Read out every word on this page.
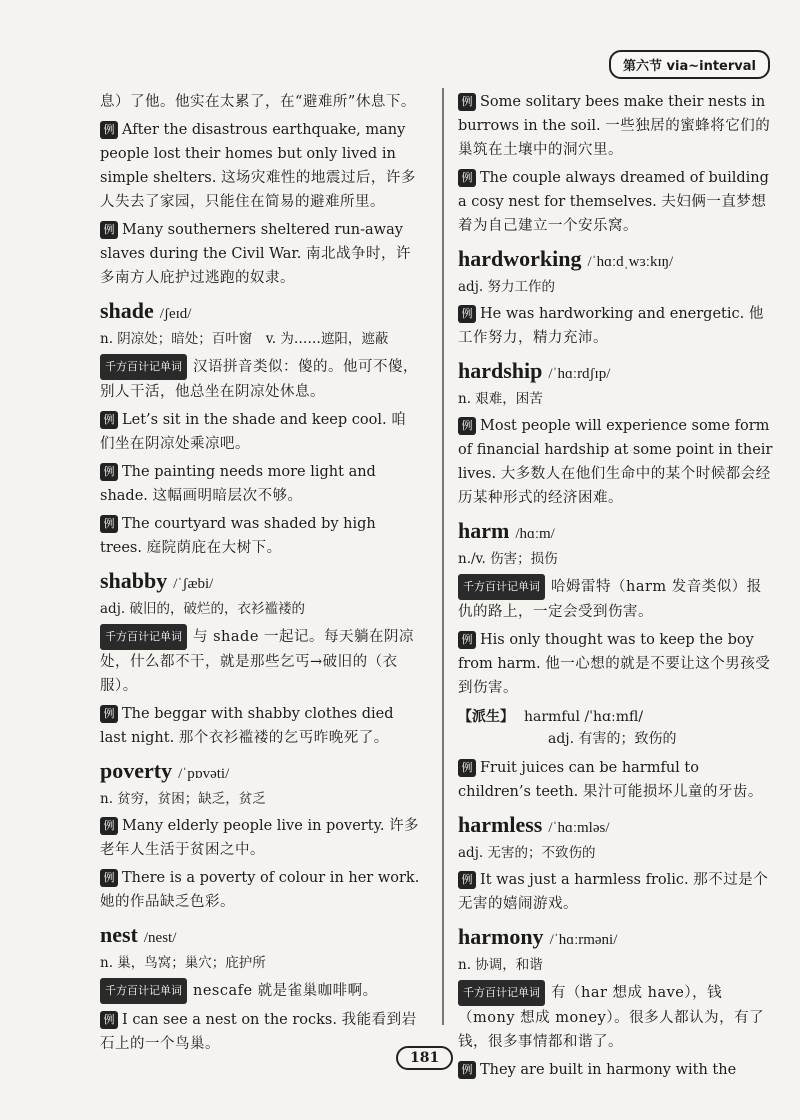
第六节 via~interval

息）了他。他实在太累了，在“避难所”休息下。

例 After the disastrous earthquake, many people lost their homes but only lived in simple shelters. 这场灾难性的地震过后，许多人失去了家园，只能住在简易的避难所里。

例 Many southerners sheltered run-away slaves during the Civil War. 南北战争时，许多南方人庇护过逃跑的奴隶。

shade /ʃeɪd/

n. 阴凉处；暗处；百叶窗　v. 为……遮阳，遮蔽

千方百计记单词 汉语拼音类似：傻的。他可不傻，别人干活，他总坐在阴凉处休息。

例 Let’s sit in the shade and keep cool. 咱们坐在阴凉处乘凉吧。

例 The painting needs more light and shade. 这幅画明暗层次不够。

例 The courtyard was shaded by high trees. 庭院荫庇在大树下。

shabby /ˈʃæbi/

adj. 破旧的，破烂的，衣衫褴褛的

千方百计记单词 与 shade 一起记。每天躺在阴凉处，什么都不干，就是那些乞丐→破旧的（衣服）。

例 The beggar with shabby clothes died last night. 那个衣衫褴褛的乞丐昨晚死了。

poverty /ˈpɒvəti/

n. 贫穷，贫困；缺乏，贫乏

例 Many elderly people live in poverty. 许多老年人生活于贫困之中。

例 There is a poverty of colour in her work. 她的作品缺乏色彩。

nest /nest/

n. 巢，鸟窝；巢穴；庇护所

千方百计记单词 nescafe 就是雀巢咖啡啊。

例 I can see a nest on the rocks. 我能看到岩石上的一个鸟巢。

例 Some solitary bees make their nests in burrows in the soil. 一些独居的蜜蜂将它们的巢筑在土壤中的洞穴里。

例 The couple always dreamed of building a cosy nest for themselves. 夫妇俩一直梦想着为自己建立一个安乐窝。

hardworking /ˈhɑːdˌwɜːkɪŋ/

adj. 努力工作的

例 He was hardworking and energetic. 他工作努力，精力充沛。

hardship /ˈhɑːrdʃɪp/

n. 艰难，困苦

例 Most people will experience some form of financial hardship at some point in their lives. 大多数人在他们生命中的某个时候都会经历某种形式的经济困难。

harm /hɑːm/

n./v. 伤害；损伤

千方百计记单词 哈姆雷特（harm 发音类似）报仇的路上，一定会受到伤害。

例 His only thought was to keep the boy from harm. 他一心想的就是不要让这个男孩受到伤害。

【派生】 harmful /ˈhɑːmfl/
adj. 有害的；致伤的

例 Fruit juices can be harmful to children’s teeth. 果汁可能损坏儿童的牙齿。

harmless /ˈhɑːmləs/

adj. 无害的；不致伤的

例 It was just a harmless frolic. 那不过是个无害的嬉闹游戏。

harmony /ˈhɑːrməni/

n. 协调，和谐

千方百计记单词 有（har 想成 have），钱（mony 想成 money）。很多人都认为，有了钱，很多事情都和谐了。

例 They are built in harmony with the

181
